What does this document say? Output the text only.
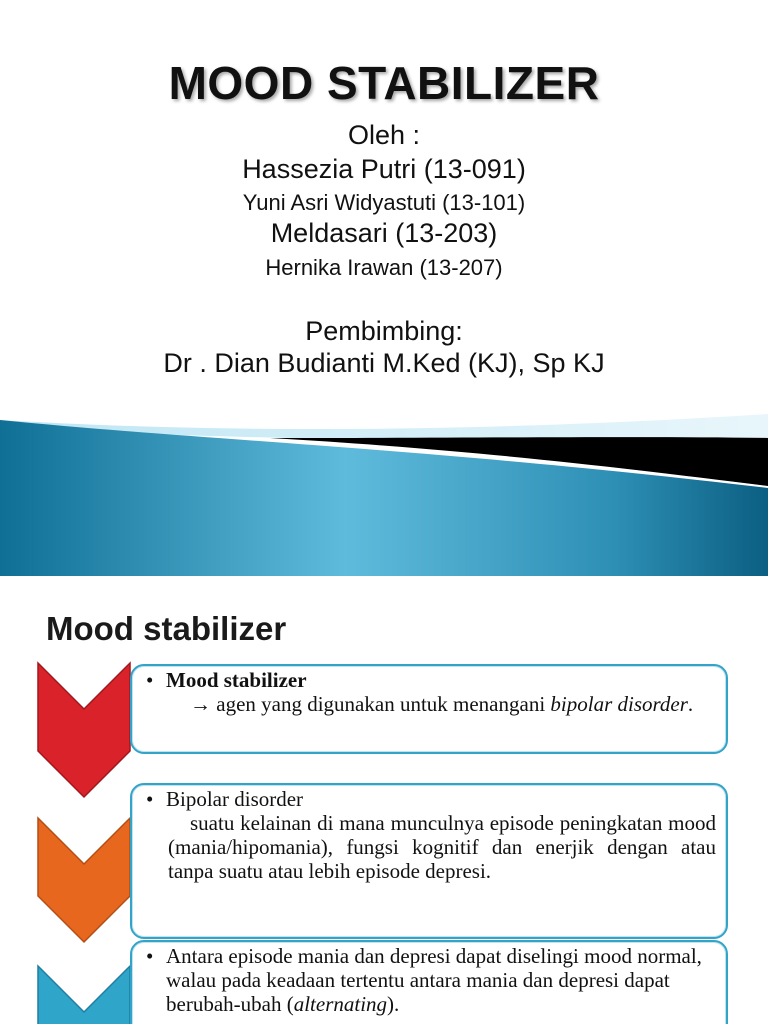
MOOD STABILIZER
Oleh :
Hassezia Putri (13-091)
Yuni Asri Widyastuti (13-101)
Meldasari (13-203)
Hernika Irawan (13-207)
Pembimbing:
Dr . Dian Budianti M.Ked (KJ), Sp KJ
Mood stabilizer
• Mood stabilizer
→ agen yang digunakan untuk menangani bipolar disorder.
• Bipolar disorder
suatu kelainan di mana munculnya episode peningkatan mood (mania/hipomania), fungsi kognitif dan enerjik dengan atau tanpa suatu atau lebih episode depresi.
• Antara episode mania dan depresi dapat diselingi mood normal, walau pada keadaan tertentu antara mania dan depresi dapat berubah-ubah (alternating).
